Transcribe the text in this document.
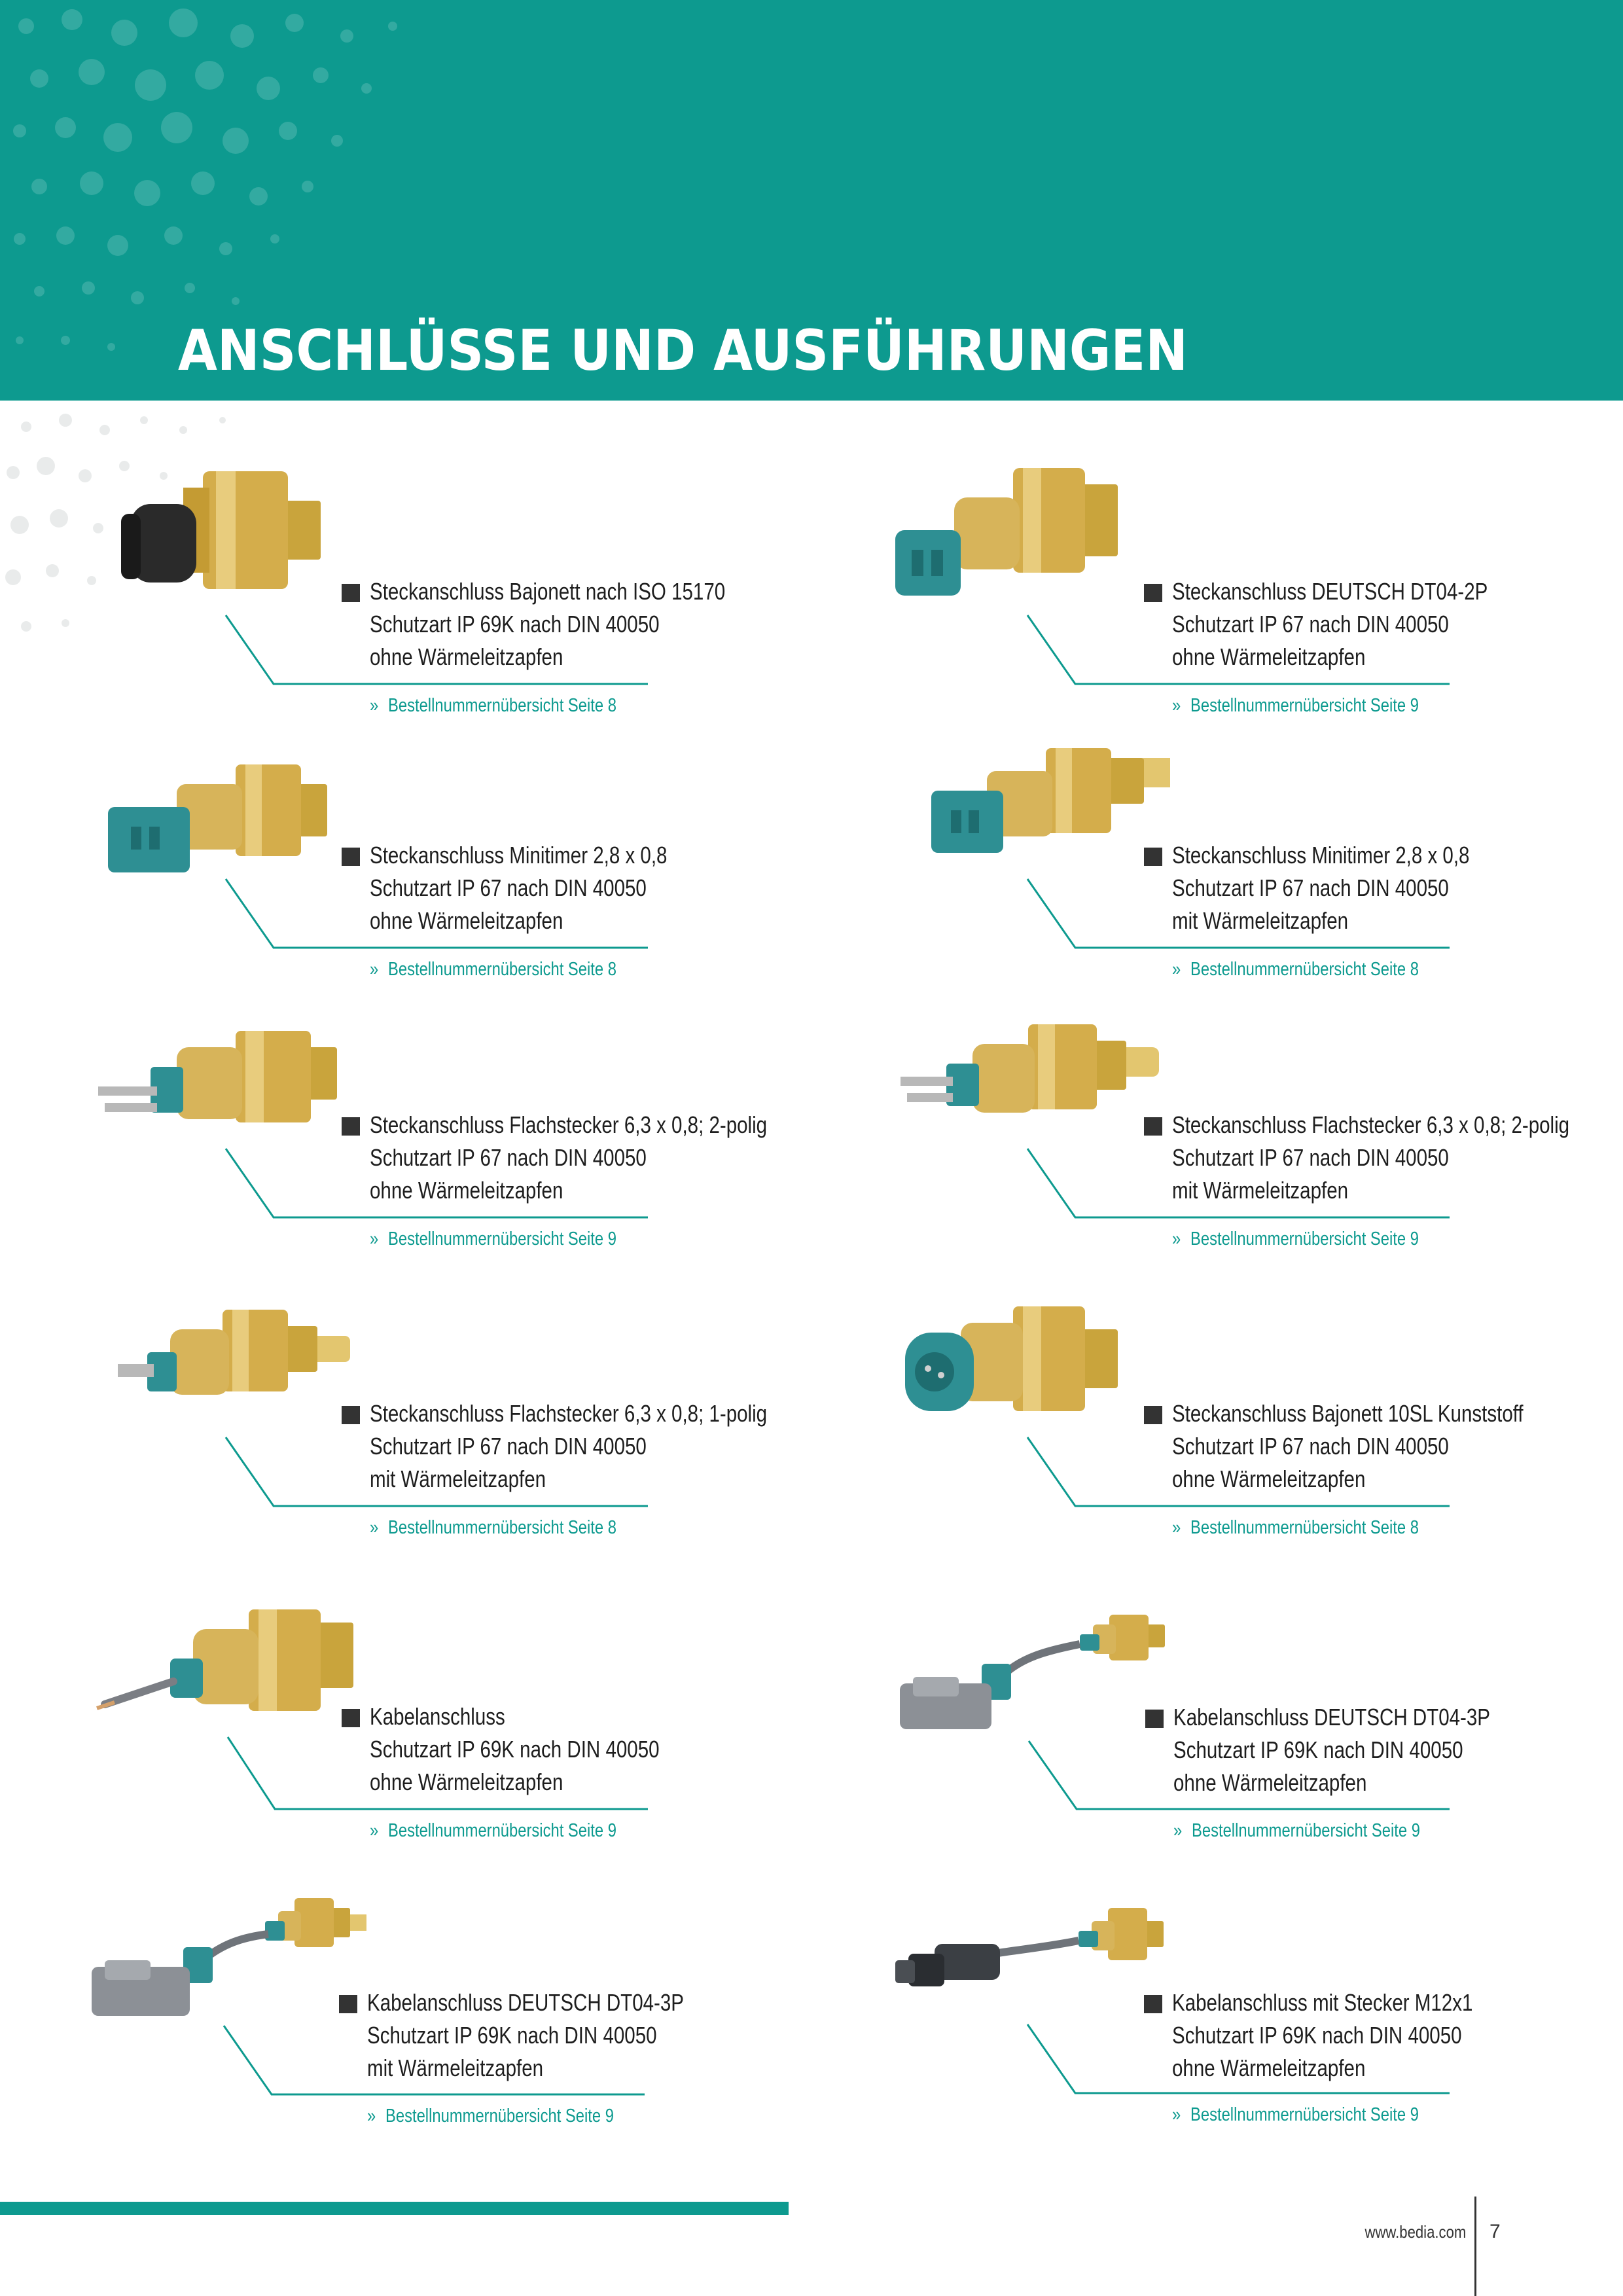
ANSCHLÜSSE UND AUSFÜHRUNGEN
Steckanschluss Bajonett nach ISO 15170
Schutzart IP 69K nach DIN 40050
ohne Wärmeleitzapfen
» Bestellnummernübersicht Seite 8
Steckanschluss DEUTSCH DT04-2P
Schutzart IP 67 nach DIN 40050
ohne Wärmeleitzapfen
» Bestellnummernübersicht Seite 9
Steckanschluss Minitimer 2,8 x 0,8
Schutzart IP 67 nach DIN 40050
ohne Wärmeleitzapfen
» Bestellnummernübersicht Seite 8
Steckanschluss Minitimer 2,8 x 0,8
Schutzart IP 67 nach DIN 40050
mit Wärmeleitzapfen
» Bestellnummernübersicht Seite 8
Steckanschluss Flachstecker 6,3 x 0,8; 2-polig
Schutzart IP 67 nach DIN 40050
ohne Wärmeleitzapfen
» Bestellnummernübersicht Seite 9
Steckanschluss Flachstecker 6,3 x 0,8; 2-polig
Schutzart IP 67 nach DIN 40050
mit Wärmeleitzapfen
» Bestellnummernübersicht Seite 9
Steckanschluss Flachstecker 6,3 x 0,8; 1-polig
Schutzart IP 67 nach DIN 40050
mit Wärmeleitzapfen
» Bestellnummernübersicht Seite 8
Steckanschluss Bajonett 10SL Kunststoff
Schutzart IP 67 nach DIN 40050
ohne Wärmeleitzapfen
» Bestellnummernübersicht Seite 8
Kabelanschluss
Schutzart IP 69K nach DIN 40050
ohne Wärmeleitzapfen
» Bestellnummernübersicht Seite 9
Kabelanschluss DEUTSCH DT04-3P
Schutzart IP 69K nach DIN 40050
ohne Wärmeleitzapfen
» Bestellnummernübersicht Seite 9
Kabelanschluss DEUTSCH DT04-3P
Schutzart IP 69K nach DIN 40050
mit Wärmeleitzapfen
» Bestellnummernübersicht Seite 9
Kabelanschluss mit Stecker M12x1
Schutzart IP 69K nach DIN 40050
ohne Wärmeleitzapfen
» Bestellnummernübersicht Seite 9
www.bedia.com 7
